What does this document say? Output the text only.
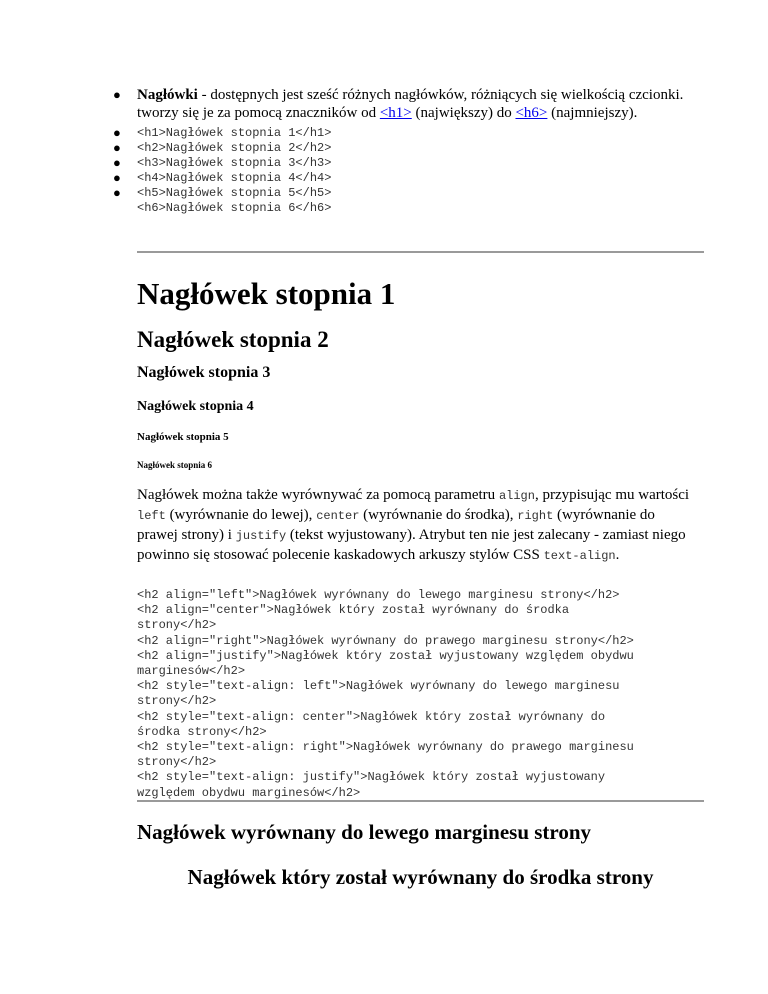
● Nagłówki - dostępnych jest sześć różnych nagłówków, różniących się wielkością czcionki. tworzy się je za pomocą znaczników od <h1> (największy) do <h6> (najmniejszy).
● <h1>Nagłówek stopnia 1</h1>
● <h2>Nagłówek stopnia 2</h2>
● <h3>Nagłówek stopnia 3</h3>
● <h4>Nagłówek stopnia 4</h4>
● <h5>Nagłówek stopnia 5</h5>
<h6>Nagłówek stopnia 6</h6>
Nagłówek stopnia 1
Nagłówek stopnia 2
Nagłówek stopnia 3
Nagłówek stopnia 4
Nagłówek stopnia 5
Nagłówek stopnia 6

Nagłówek można także wyrównywać za pomocą parametru align, przypisując mu wartości left (wyrównanie do lewej), center (wyrównanie do środka), right (wyrównanie do prawej strony) i justify (tekst wyjustowany). Atrybut ten nie jest zalecany - zamiast niego powinno się stosować polecenie kaskadowych arkuszy stylów CSS text-align.

<h2 align="left">Nagłówek wyrównany do lewego marginesu strony</h2>
<h2 align="center">Nagłówek który został wyrównany do środka
strony</h2>
<h2 align="right">Nagłówek wyrównany do prawego marginesu strony</h2>
<h2 align="justify">Nagłówek który został wyjustowany względem obydwu
marginesów</h2>
<h2 style="text-align: left">Nagłówek wyrównany do lewego marginesu
strony</h2>
<h2 style="text-align: center">Nagłówek który został wyrównany do
środka strony</h2>
<h2 style="text-align: right">Nagłówek wyrównany do prawego marginesu
strony</h2>
<h2 style="text-align: justify">Nagłówek który został wyjustowany
względem obydwu marginesów</h2>
Nagłówek wyrównany do lewego marginesu strony
Nagłówek który został wyrównany do środka strony
